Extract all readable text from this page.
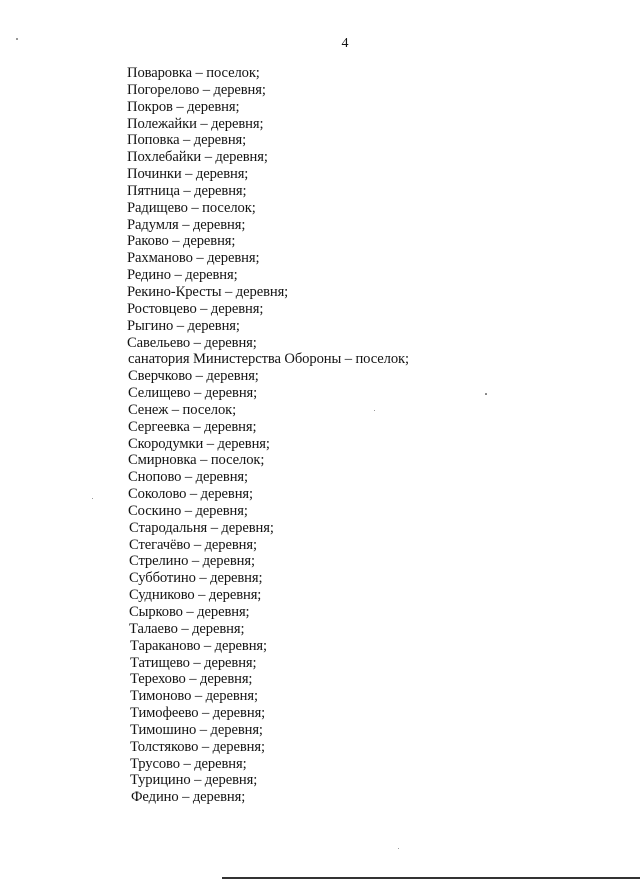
4
Поваровка – поселок;
Погорелово – деревня;
Покров – деревня;
Полежайки – деревня;
Поповка – деревня;
Похлебайки – деревня;
Починки – деревня;
Пятница – деревня;
Радищево – поселок;
Радумля – деревня;
Раково – деревня;
Рахманово – деревня;
Редино – деревня;
Рекино-Кресты – деревня;
Ростовцево – деревня;
Рыгино – деревня;
Савельево – деревня;
санатория Министерства Обороны – поселок;
Сверчково – деревня;
Селищево – деревня;
Сенеж – поселок;
Сергеевка – деревня;
Скородумки – деревня;
Смирновка – поселок;
Снопово – деревня;
Соколово – деревня;
Соскино – деревня;
Стародальня – деревня;
Стегачёво – деревня;
Стрелино – деревня;
Субботино – деревня;
Судниково – деревня;
Сырково – деревня;
Талаево – деревня;
Тараканово – деревня;
Татищево – деревня;
Терехово – деревня;
Тимоново – деревня;
Тимофеево – деревня;
Тимошино – деревня;
Толстяково – деревня;
Трусово – деревня;
Турицино – деревня;
Федино – деревня;
